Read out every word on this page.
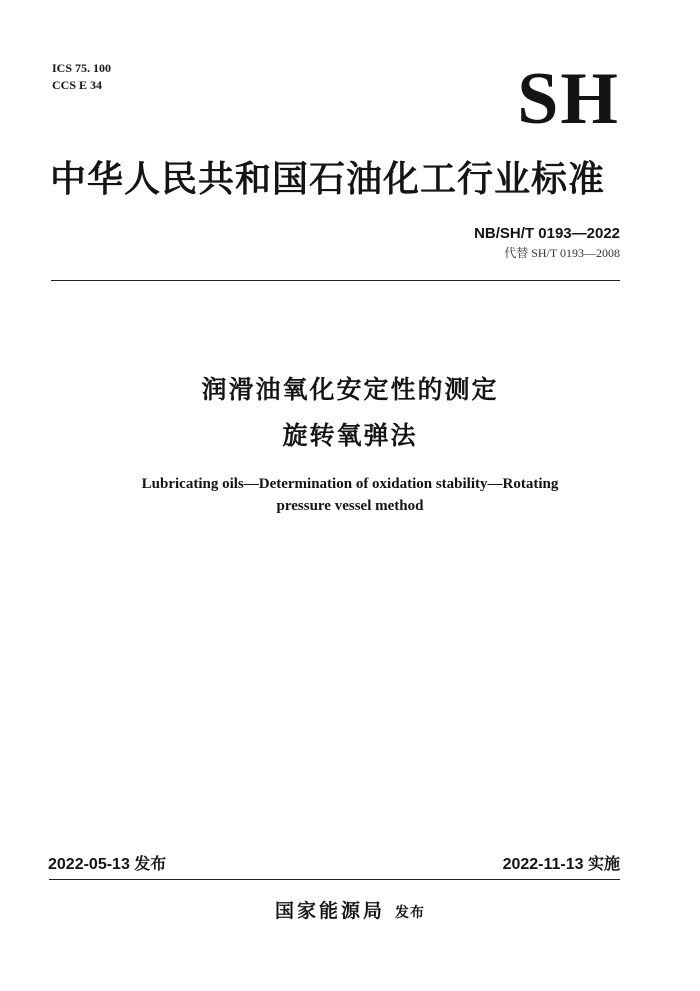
ICS 75. 100
CCS E 34	SH
中华人民共和国石油化工行业标准
NB/SH/T 0193—2022
代替 SH/T 0193—2008
润滑油氧化安定性的测定
旋转氧弹法
Lubricating oils—Determination of oxidation stability—Rotating
pressure vessel method
2022-05-13 发布	2022-11-13 实施
国家能源局 发布
